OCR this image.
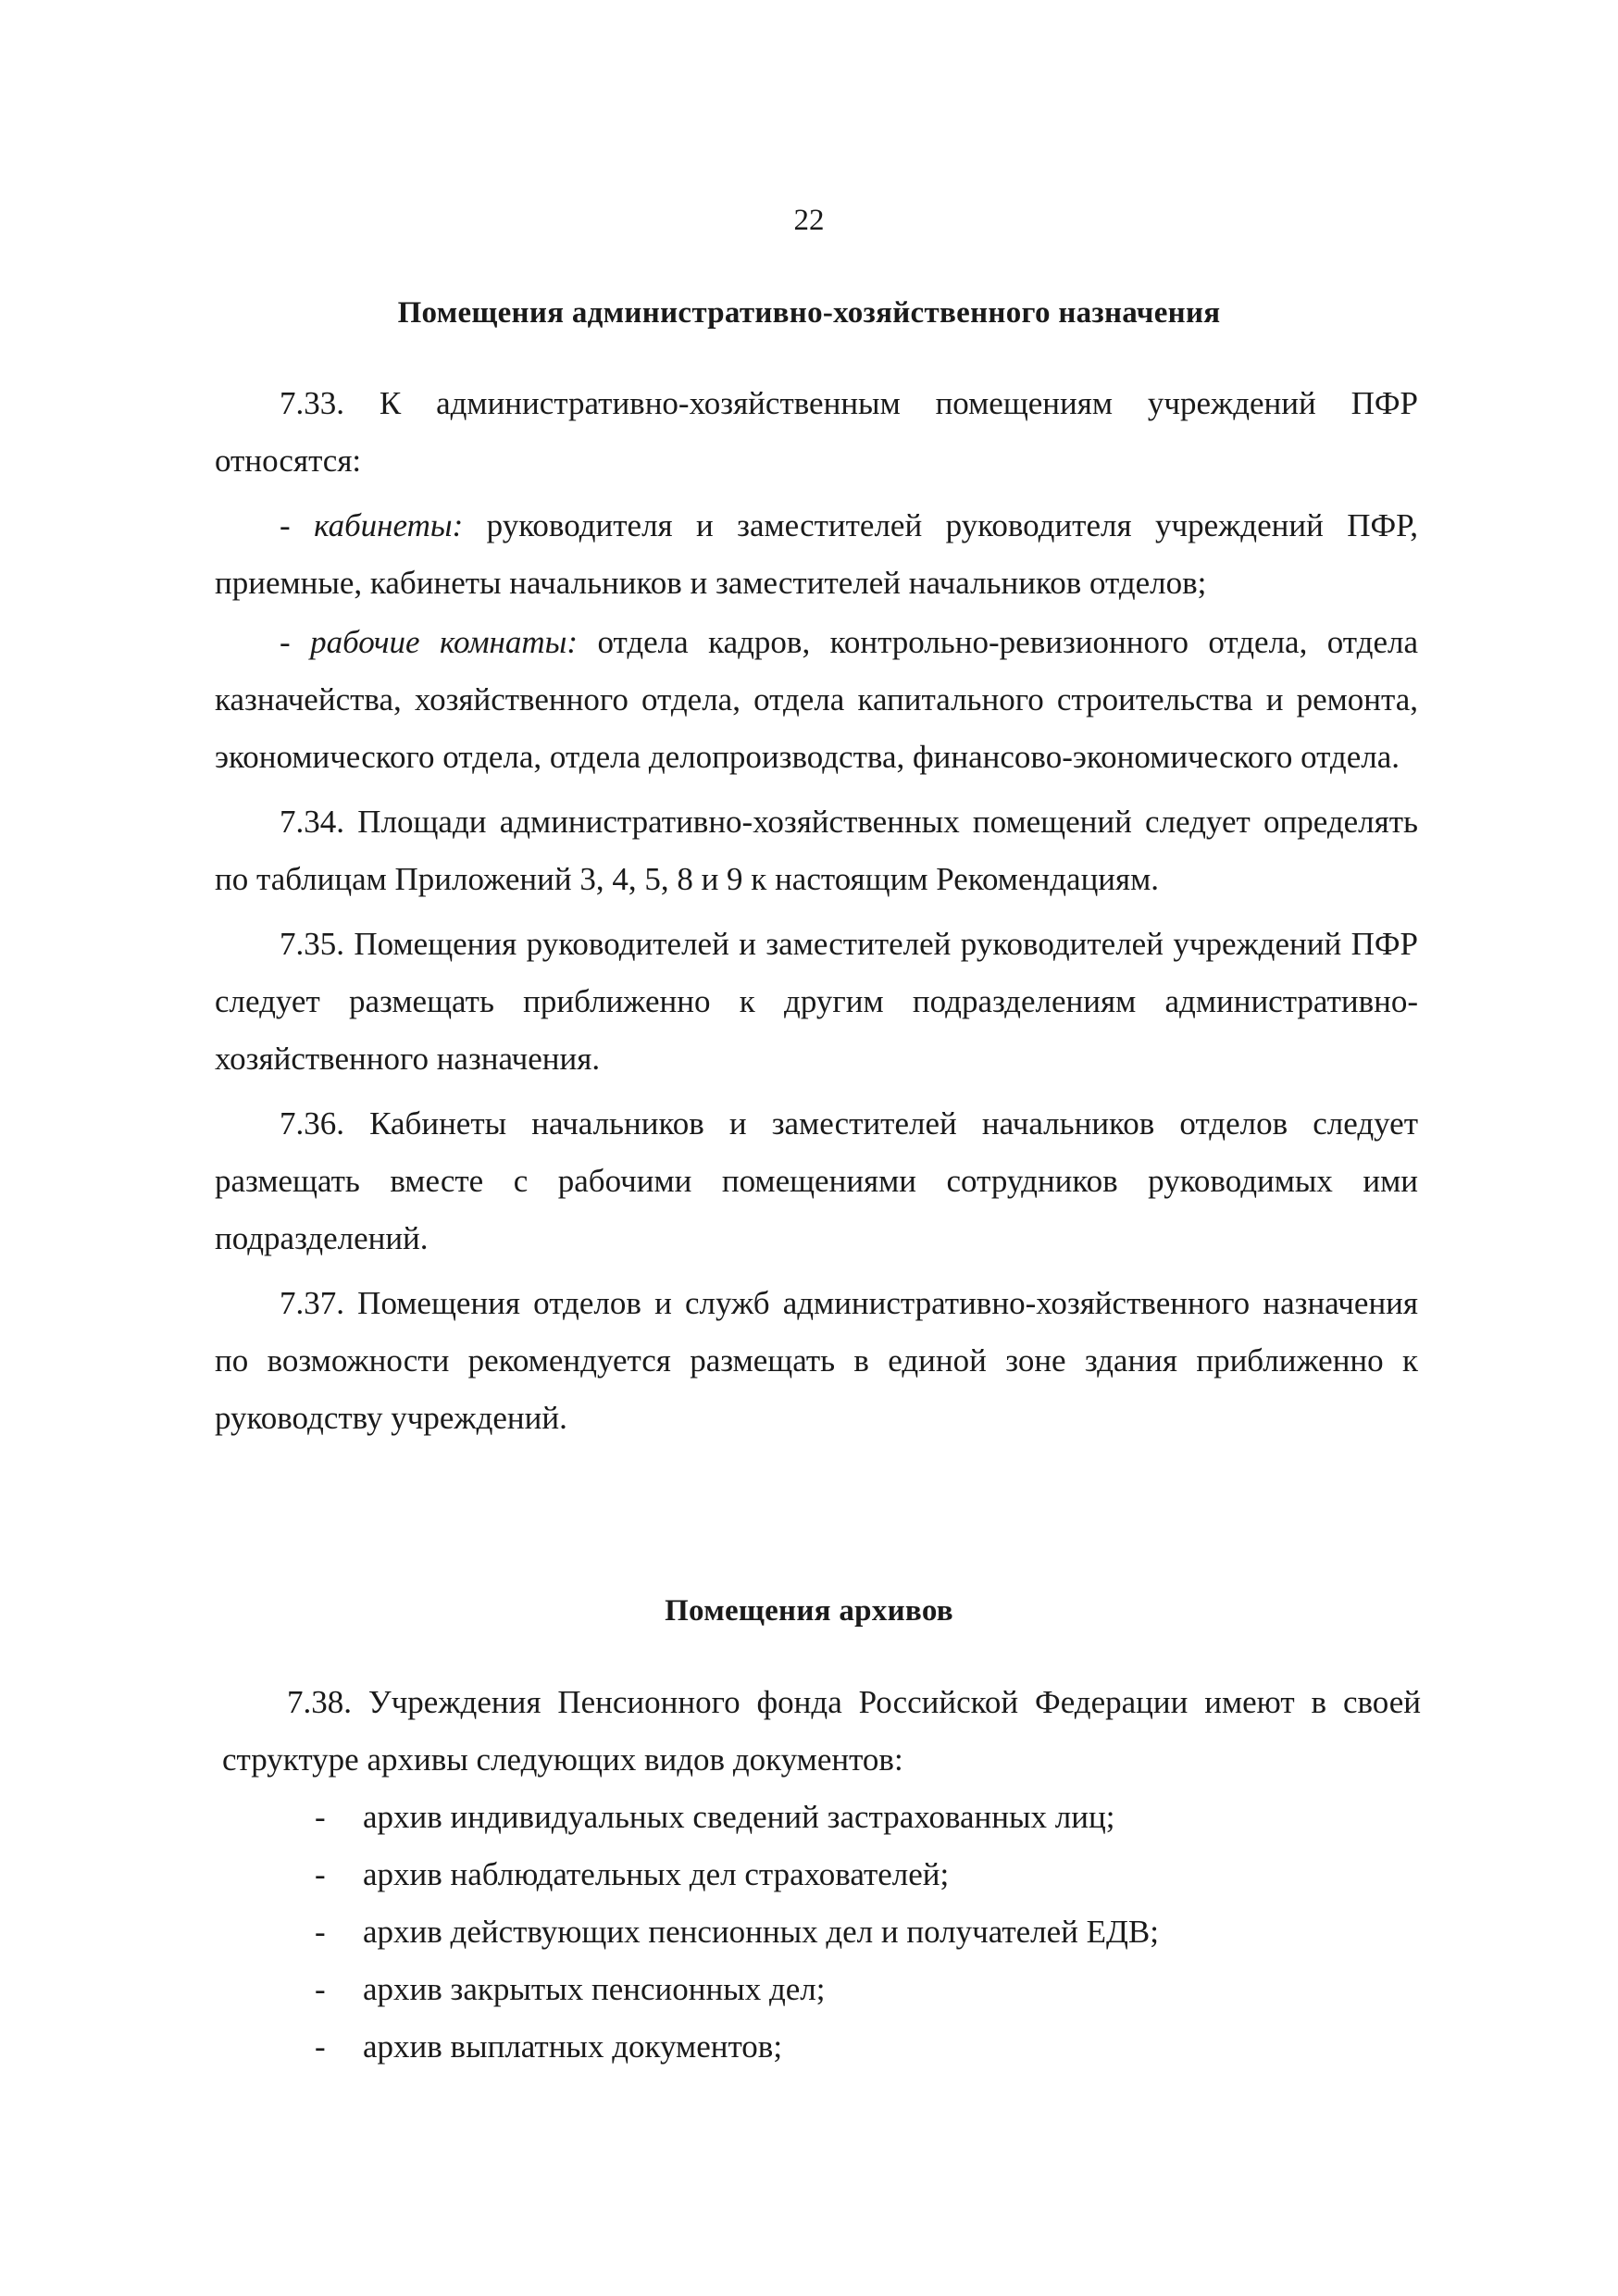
22
Помещения административно-хозяйственного назначения

7.33. К административно-хозяйственным помещениям учреждений ПФР относятся:

- кабинеты: руководителя и заместителей руководителя учреждений ПФР, приемные, кабинеты начальников и заместителей начальников отделов;

- рабочие комнаты: отдела кадров, контрольно-ревизионного отдела, отдела казначейства, хозяйственного отдела, отдела капитального строительства и ремонта, экономического отдела, отдела делопроизводства, финансово-экономического отдела.

7.34. Площади административно-хозяйственных помещений следует определять по таблицам Приложений 3, 4, 5, 8 и 9 к настоящим Рекомендациям.

7.35. Помещения руководителей и заместителей руководителей учреждений ПФР следует размещать приближенно к другим подразделениям административно-хозяйственного назначения.

7.36. Кабинеты начальников и заместителей начальников отделов следует размещать вместе с рабочими помещениями сотрудников руководимых ими подразделений.

7.37. Помещения отделов и служб административно-хозяйственного назначения по возможности рекомендуется размещать в единой зоне здания приближенно к руководству учреждений.

Помещения архивов

7.38. Учреждения Пенсионного фонда Российской Федерации имеют в своей структуре архивы следующих видов документов:

-	архив индивидуальных сведений застрахованных лиц;
-	архив наблюдательных дел страхователей;
-	архив действующих пенсионных дел и получателей ЕДВ;
-	архив закрытых пенсионных дел;
-	архив выплатных документов;
